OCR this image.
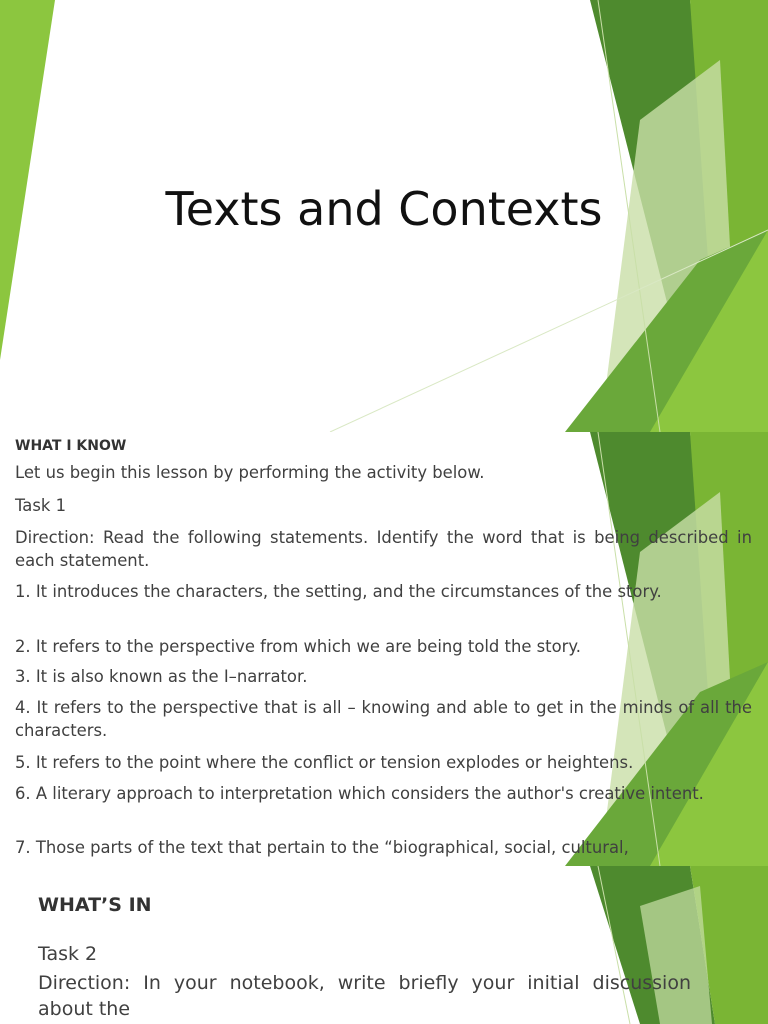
Texts and Contexts

WHAT I KNOW

Let us begin this lesson by performing the activity below.

Task 1

Direction: Read the following statements. Identify the word that is being described in each statement.

1. It introduces the characters, the setting, and the circumstances of the story.

2. It refers to the perspective from which we are being told the story.

3. It is also known as the I–narrator.

4. It refers to the perspective that is all – knowing and able to get in the minds of all the characters.

5. It refers to the point where the conflict or tension explodes or heightens.

6. A literary approach to interpretation which considers the author's creative intent.

7. Those parts of the text that pertain to the “biographical, social, cultural,

WHAT’S IN

Task 2

Direction: In your notebook, write briefly your initial discussion about the
